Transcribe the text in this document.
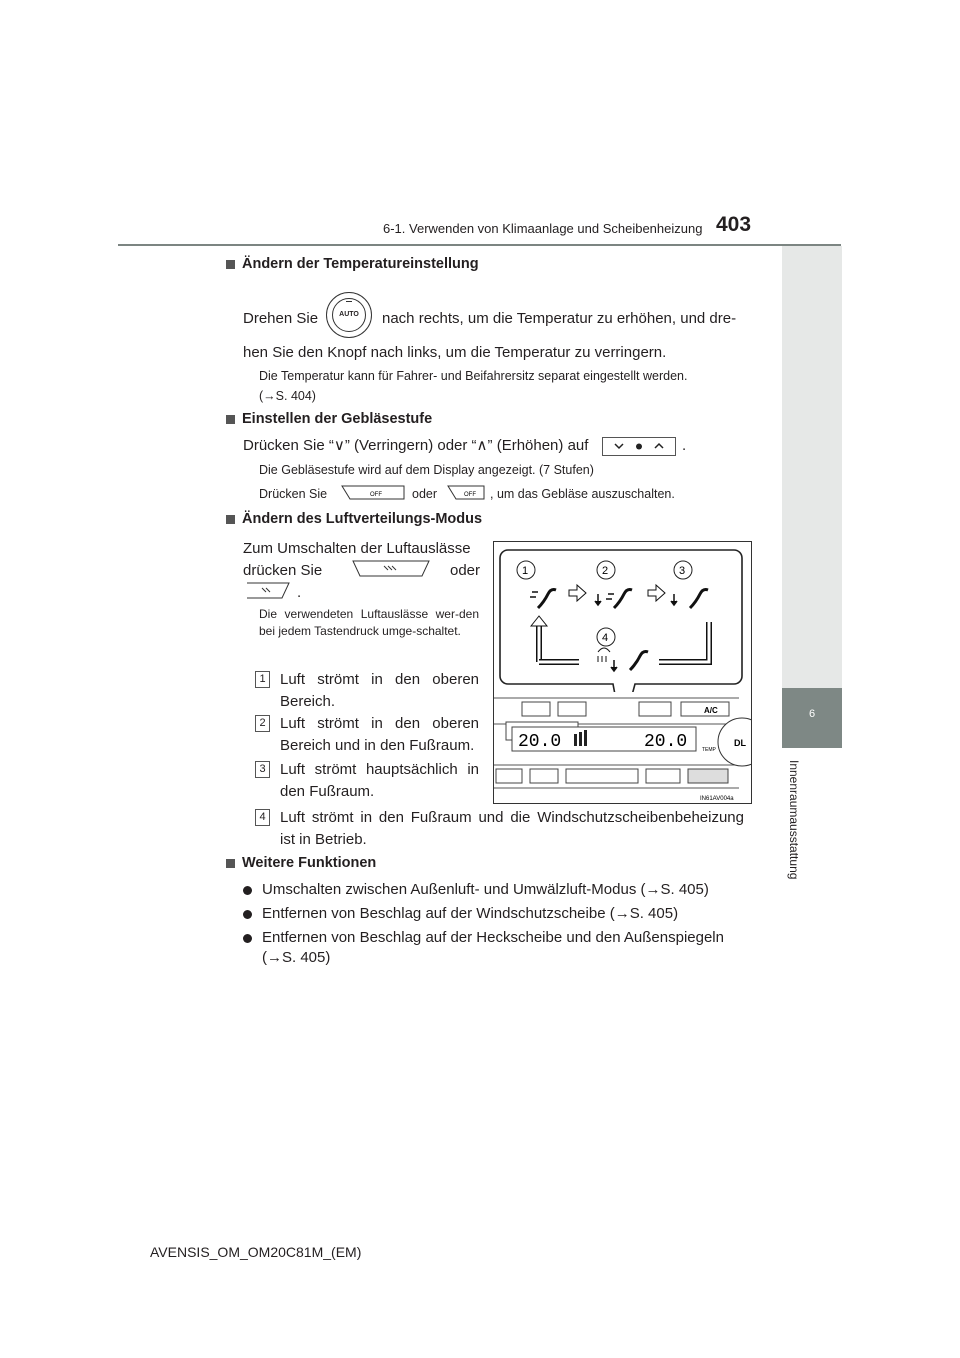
6-1. Verwenden von Klimaanlage und Scheibenheizung 403
6
Innenraumausstattung
Ändern der Temperatureinstellung
Drehen Sie	AUTO	nach rechts, um die Temperatur zu erhöhen, und dre-
hen Sie den Knopf nach links, um die Temperatur zu verringern.
Die Temperatur kann für Fahrer- und Beifahrersitz separat eingestellt werden.
(→S. 404)
Einstellen der Gebläsestufe
Drücken Sie “∨” (Verringern) oder “∧” (Erhöhen) auf	.
Die Gebläsestufe wird auf dem Display angezeigt. (7 Stufen)
Drücken Sie	OFF oder	OFF , um das Gebläse auszuschalten.
Ändern des Luftverteilungs-Modus
Zum Umschalten der Luftauslässe
drücken Sie	oder
.
Die verwendeten Luftauslässe wer-den bei jedem Tastendruck umge-schaltet.
1 Luft strömt in den oberen Bereich.
2 Luft strömt in den oberen Bereich und in den Fußraum.
3 Luft strömt hauptsächlich in den Fußraum.
4 Luft strömt in den Fußraum und die Windschutzscheibenbeheizung ist in Betrieb.
1	2	3
4
A/C
20.0	20.0	TEMP
DL
IN61AV004a
Weitere Funktionen
Umschalten zwischen Außenluft- und Umwälzluft-Modus (→S. 405)
Entfernen von Beschlag auf der Windschutzscheibe (→S. 405)
Entfernen von Beschlag auf der Heckscheibe und den Außenspiegeln
(→S. 405)
AVENSIS_OM_OM20C81M_(EM)
